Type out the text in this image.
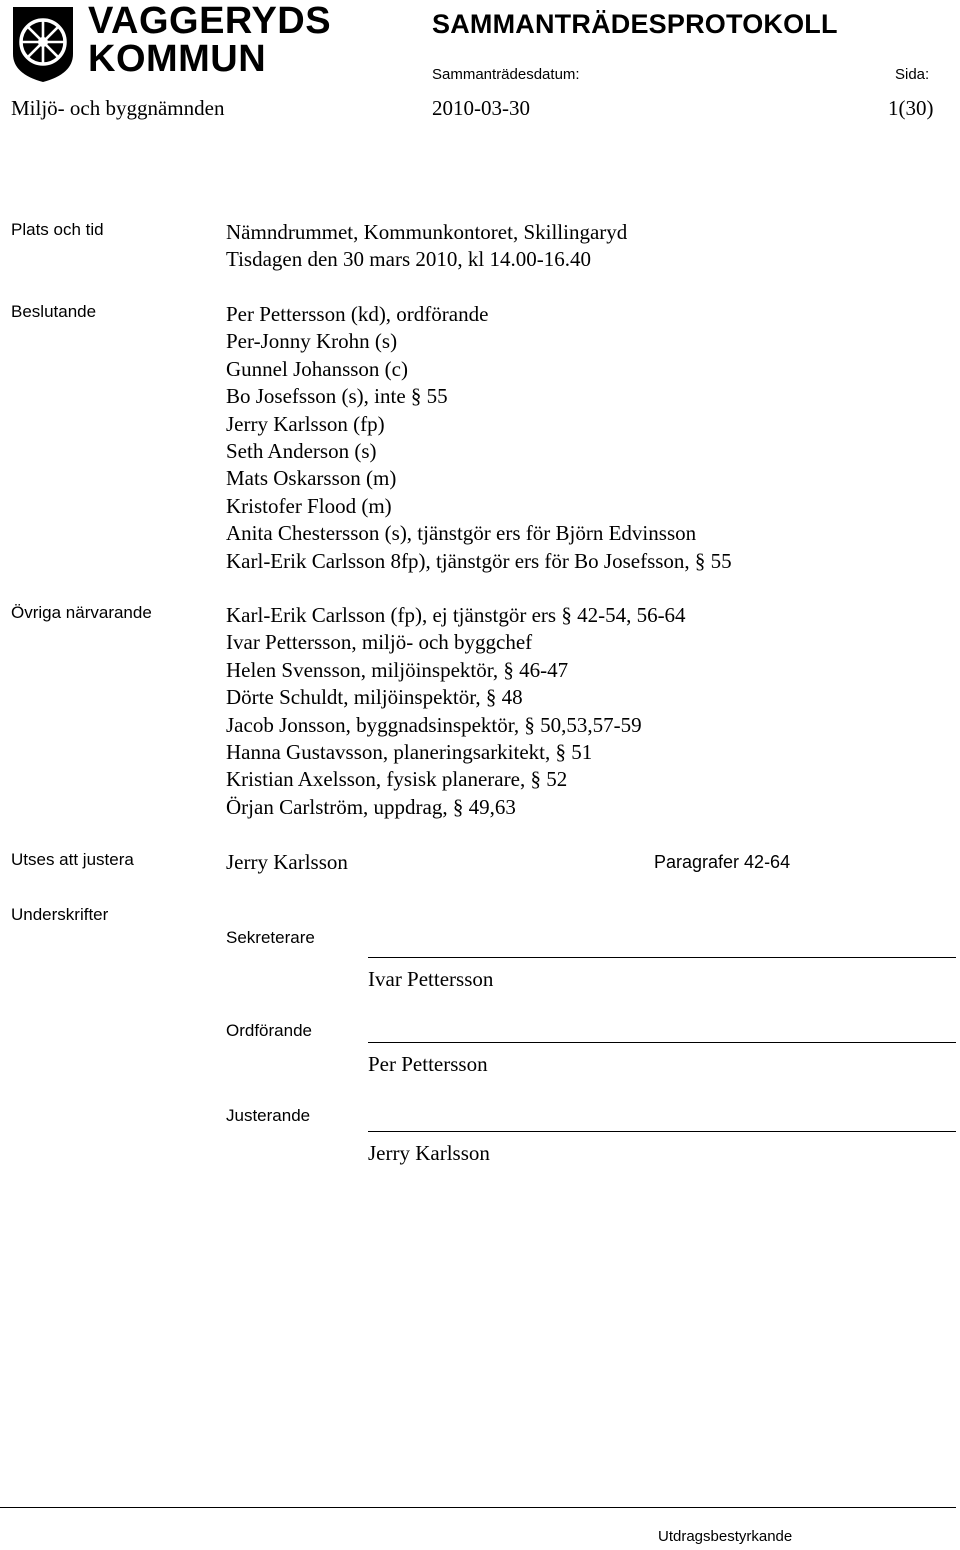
VAGGERYDS
KOMMUN
SAMMANTRÄDESPROTOKOLL
Sammanträdesdatum:	Sida:
Miljö- och byggnämnden	2010-03-30	1(30)
Plats och tid	Nämndrummet, Kommunkontoret, Skillingaryd
Tisdagen den 30 mars 2010, kl 14.00-16.40
Beslutande	Per Pettersson (kd), ordförande
Per-Jonny Krohn (s)
Gunnel Johansson (c)
Bo Josefsson (s), inte § 55
Jerry Karlsson (fp)
Seth Anderson (s)
Mats Oskarsson (m)
Kristofer Flood (m)
Anita Chestersson (s), tjänstgör ers för Björn Edvinsson
Karl-Erik Carlsson 8fp), tjänstgör ers för Bo Josefsson, § 55
Övriga närvarande	Karl-Erik Carlsson (fp), ej tjänstgör ers § 42-54, 56-64
Ivar Pettersson, miljö- och byggchef
Helen Svensson, miljöinspektör, § 46-47
Dörte Schuldt, miljöinspektör, § 48
Jacob Jonsson, byggnadsinspektör, § 50,53,57-59
Hanna Gustavsson, planeringsarkitekt, § 51
Kristian Axelsson, fysisk planerare, § 52
Örjan Carlström, uppdrag, § 49,63
Utses att justera	Jerry Karlsson	Paragrafer 42-64
Underskrifter
Sekreterare
Ivar Pettersson
Ordförande
Per Pettersson
Justerande
Jerry Karlsson
Utdragsbestyrkande
